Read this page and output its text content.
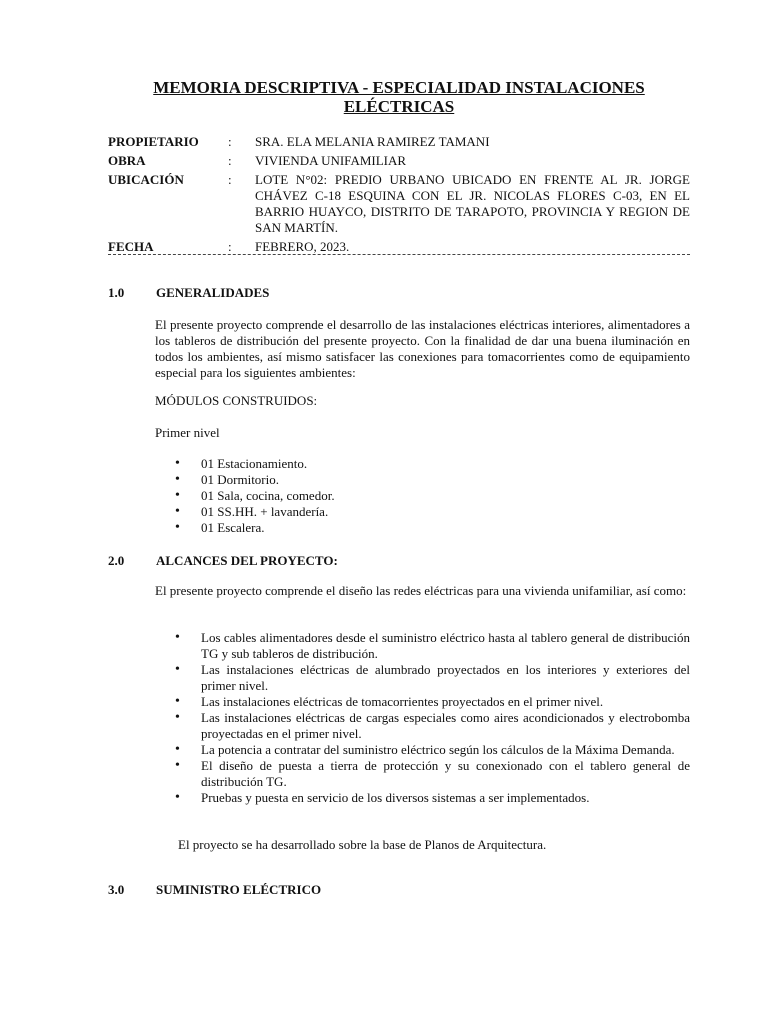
MEMORIA DESCRIPTIVA - ESPECIALIDAD INSTALACIONES ELÉCTRICAS
PROPIETARIO	:	SRA. ELA MELANIA RAMIREZ TAMANI
OBRA	:	VIVIENDA UNIFAMILIAR
UBICACIÓN	:	LOTE N°02: PREDIO URBANO UBICADO EN FRENTE AL JR. JORGE CHÁVEZ C-18 ESQUINA CON EL JR. NICOLAS FLORES C-03, EN EL BARRIO HUAYCO, DISTRITO DE TARAPOTO, PROVINCIA Y REGION DE SAN MARTÍN.
FECHA	:	FEBRERO, 2023.
1.0	GENERALIDADES
El presente proyecto comprende el desarrollo de las instalaciones eléctricas interiores, alimentadores a los tableros de distribución del presente proyecto. Con la finalidad de dar una buena iluminación en todos los ambientes, así mismo satisfacer las conexiones para tomacorrientes como de equipamiento especial para los siguientes ambientes:
MÓDULOS CONSTRUIDOS:
Primer nivel
• 01 Estacionamiento.
• 01 Dormitorio.
• 01 Sala, cocina, comedor.
• 01 SS.HH. + lavandería.
• 01 Escalera.
2.0	ALCANCES DEL PROYECTO:
El presente proyecto comprende el diseño las redes eléctricas para una vivienda unifamiliar, así como:
• Los cables alimentadores desde el suministro eléctrico hasta al tablero general de distribución TG y sub tableros de distribución.
• Las instalaciones eléctricas de alumbrado proyectados en los interiores y exteriores del primer nivel.
• Las instalaciones eléctricas de tomacorrientes proyectados en el primer nivel.
• Las instalaciones eléctricas de cargas especiales como aires acondicionados y electrobomba proyectadas en el primer nivel.
• La potencia a contratar del suministro eléctrico según los cálculos de la Máxima Demanda.
• El diseño de puesta a tierra de protección y su conexionado con el tablero general de distribución TG.
• Pruebas y puesta en servicio de los diversos sistemas a ser implementados.
El proyecto se ha desarrollado sobre la base de Planos de Arquitectura.
3.0	SUMINISTRO ELÉCTRICO
